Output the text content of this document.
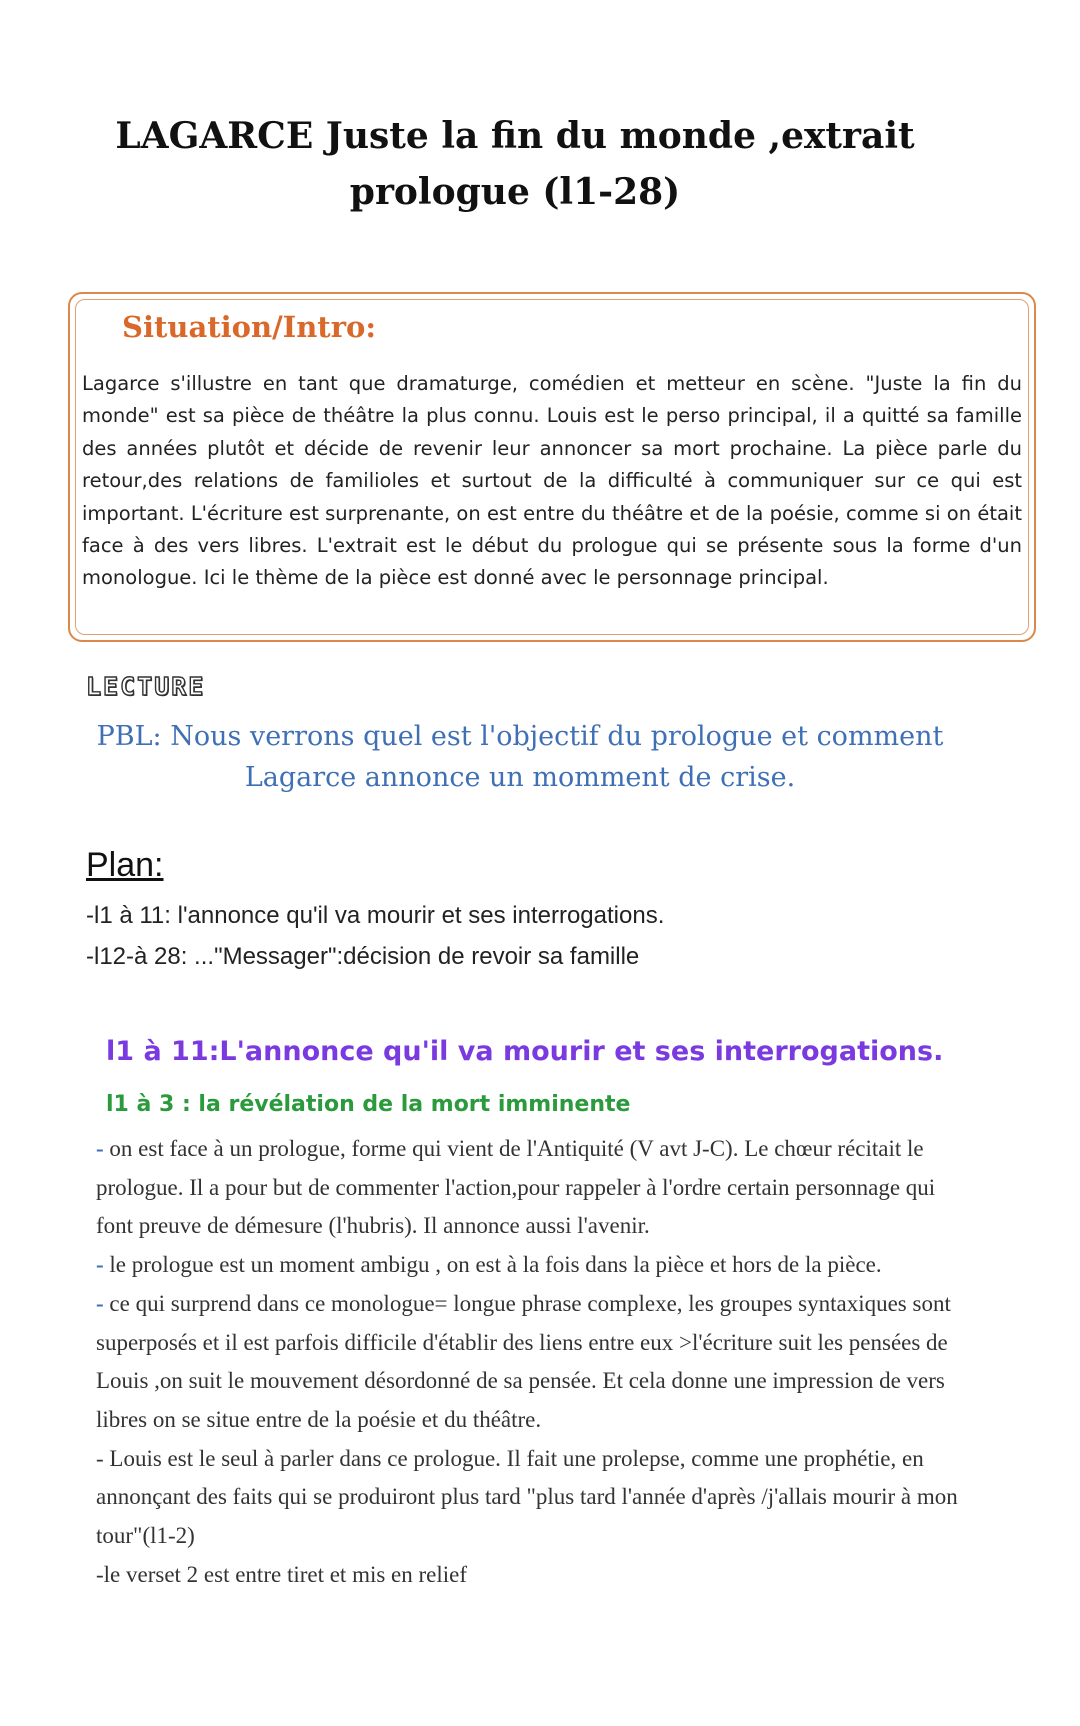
LAGARCE Juste la fin du monde ,extrait
prologue (l1-28)
Situation/Intro:

Lagarce s'illustre en tant que dramaturge, comédien et metteur en scène. "Juste la fin du monde" est sa pièce de théâtre la plus connu. Louis est le perso principal, il a quitté sa famille des années plutôt et décide de revenir leur annoncer sa mort prochaine. La pièce parle du retour,des relations de familioles et surtout de la difficulté à communiquer sur ce qui est important. L'écriture est surprenante, on est entre du théâtre et de la poésie, comme si on était face à des vers libres. L'extrait est le début du prologue qui se présente sous la forme d'un monologue. Ici le thème de la pièce est donné avec le personnage principal.

LECTURE
PBL: Nous verrons quel est l'objectif du prologue et comment
Lagarce annonce un momment de crise.
Plan:
-l1 à 11: l'annonce qu'il va mourir et ses interrogations.
-l12-à 28: ..."Messager":décision de revoir sa famille
l1 à 11:L'annonce qu'il va mourir et ses interrogations.
l1 à 3 : la révélation de la mort imminente

- on est face à un prologue, forme qui vient de l'Antiquité (V avt J-C). Le chœur récitait le prologue. Il a pour but de commenter l'action,pour rappeler à l'ordre certain personnage qui font preuve de démesure (l'hubris). Il annonce aussi l'avenir.

- le prologue est un moment ambigu , on est à la fois dans la pièce et hors de la pièce.

- ce qui surprend dans ce monologue= longue phrase complexe, les groupes syntaxiques sont superposés et il est parfois difficile d'établir des liens entre eux >l'écriture suit les pensées de Louis ,on suit le mouvement désordonné de sa pensée. Et cela donne une impression de vers libres on se situe entre de la poésie et du théâtre.

- Louis est le seul à parler dans ce prologue. Il fait une prolepse, comme une prophétie, en annonçant des faits qui se produiront plus tard "plus tard l'année d'après /j'allais mourir à mon tour"(l1-2)

-le verset 2 est entre tiret et mis en relief
